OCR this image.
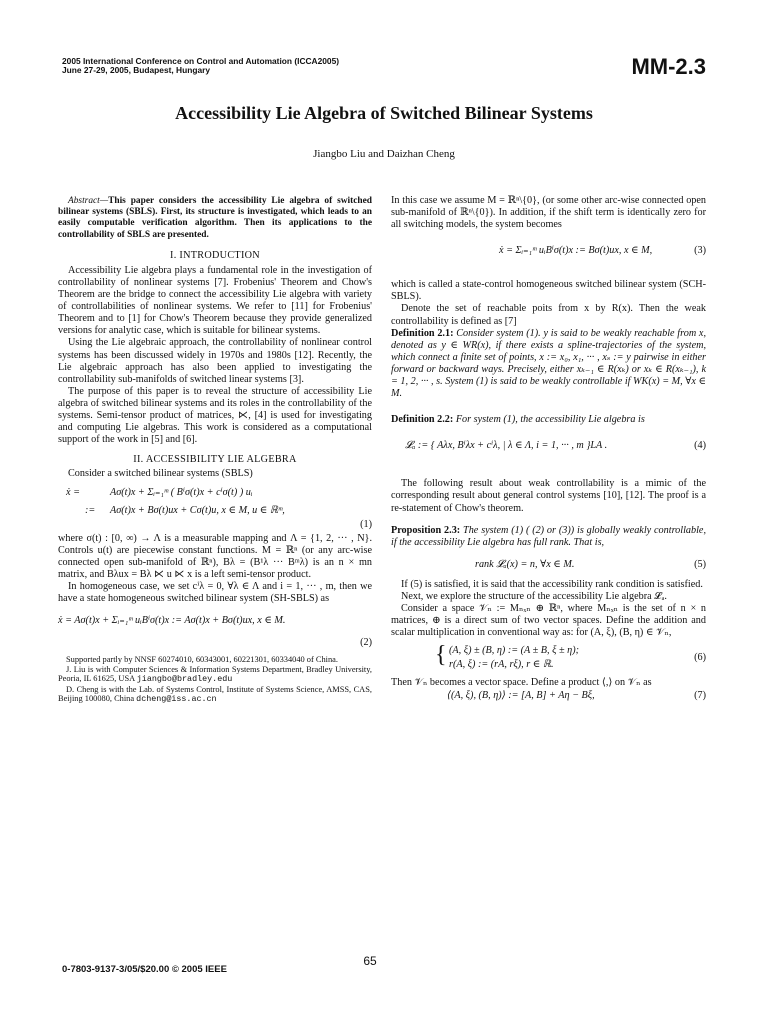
2005 International Conference on Control and Automation (ICCA2005)
June 27-29, 2005, Budapest, Hungary	MM-2.3
Accessibility Lie Algebra of Switched Bilinear Systems
Jiangbo Liu and Daizhan Cheng

Abstract—This paper considers the accessibility Lie algebra of switched bilinear systems (SBLS). First, its structure is investigated, which leads to an easily computable verification algorithm. Then its applications to the controllability of SBLS are presented.

I. INTRODUCTION

Accessibility Lie algebra plays a fundamental role in the investigation of controllability of nonlinear systems [7]. Frobenius' Theorem and Chow's Theorem are the bridge to connect the accessibility Lie algebra with variety of controllabilities of nonlinear systems. We refer to [11] for Frobenius' Theorem and to [1] for Chow's Theorem because they provide generalized versions for analytic case, which is suitable for bilinear systems.

Using the Lie algebraic approach, the controllability of nonlinear control systems has been discussed widely in 1970s and 1980s [12]. Recently, the Lie algebraic approach has also been applied to investigating the controllability sub-manifolds of switched linear systems [3].

The purpose of this paper is to reveal the structure of accessibility Lie algebra of switched bilinear systems and its roles in the controllability of the systems. Semi-tensor product of matrices, ⋉, [4] is used for investigating and computing Lie algebras. This work is considered as a computational support of the work in [5] and [6].

II. ACCESSIBILITY LIE ALGEBRA

Consider a switched bilinear systems (SBLS)

ẋ =	Aσ(t)x + Σᵢ₌₁ᵐ ( Bⁱσ(t)x + cⁱσ(t) ) uᵢ
:= Aσ(t)x + Bσ(t)ux + Cσ(t)u, x ∈ M, u ∈ ℝᵐ,
(1)

where σ(t) : [0, ∞) → Λ is a measurable mapping and Λ = {1, 2, ··· , N}. Controls u(t) are piecewise constant functions. M = ℝⁿ (or any arc-wise connected open sub-manifold of ℝⁿ), Bλ = (B¹λ ··· Bᵐλ) is an n × mn matrix, and Bλux = Bλ ⋉ u ⋉ x is a left semi-tensor product.

In homogeneous case, we set cⁱλ = 0, ∀λ ∈ Λ and i = 1, ··· , m, then we have a state homogeneous switched bilinear system (SH-SBLS) as

ẋ = Aσ(t)x + Σᵢ₌₁ᵐ uᵢBⁱσ(t)x := Aσ(t)x + Bσ(t)ux, x ∈ M.
(2)

Supported partly by NNSF 60274010, 60343001, 60221301, 60334040 of China.

J. Liu is with Computer Sciences & Information Systems Department, Bradley University, Peoria, IL 61625, USA jiangbo@bradley.edu

D. Cheng is with the Lab. of Systems Control, Institute of Systems Science, AMSS, CAS, Beijing 100080, China dcheng@iss.ac.cn

In this case we assume M = ℝⁿ\{0}, (or some other arc-wise connected open sub-manifold of ℝⁿ\{0}). In addition, if the shift term is identically zero for all switching models, the system becomes

ẋ = Σᵢ₌₁ᵐ uᵢBⁱσ(t)x := Bσ(t)ux, x ∈ M,	(3)

which is called a state-control homogeneous switched bilinear system (SCH-SBLS).

Denote the set of reachable poits from x by R(x). Then the weak controllability is defined as [7]

Definition 2.1: Consider system (1). y is said to be weakly reachable from x, denoted as y ∈ WR(x), if there exists a spline-trajectories of the system, which connect a finite set of points, x := x₀, x₁, ··· , xₛ := y pairwise in either forward or backward ways. Precisely, either xₖ₋₁ ∈ R(xₖ) or xₖ ∈ R(xₖ₋₁), k = 1, 2, ··· , s. System (1) is said to be weakly controllable if WK(x) = M, ∀x ∈ M.

Definition 2.2: For system (1), the accessibility Lie algebra is

𝓛ₐ := { Aλx, Bⁱλx + cⁱλ, | λ ∈ Λ, i = 1, ··· , m }LA .	(4)

The following result about weak controllability is a mimic of the corresponding result about general control systems [10], [12]. The proof is a re-statement of Chow's theorem.

Proposition 2.3: The system (1) ( (2) or (3)) is globally weakly controllable, if the accessibility Lie algebra has full rank. That is,

rank 𝓛ₐ(x) = n, ∀x ∈ M.	(5)

If (5) is satisfied, it is said that the accessibility rank condition is satisfied.

Next, we explore the structure of the accessibility Lie algebra 𝓛ₐ.

Consider a space 𝒱ₙ := Mₙₓₙ ⊕ ℝⁿ, where Mₙₓₙ is the set of n × n matrices, ⊕ is a direct sum of two vector spaces. Define the addition and scalar multiplication in conventional way as: for (A, ξ), (B, η) ∈ 𝒱ₙ,

{ (A, ξ) ± (B, η) := (A ± B, ξ ± η);
r(A, ξ) := (rA, rξ), r ∈ ℝ.
(6)

Then 𝒱ₙ becomes a vector space. Define a product ⟨,⟩ on 𝒱ₙ as

⟨(A, ξ), (B, η)⟩ := [A, B] + Aη − Bξ,	(7)
65
0-7803-9137-3/05/$20.00 © 2005 IEEE
